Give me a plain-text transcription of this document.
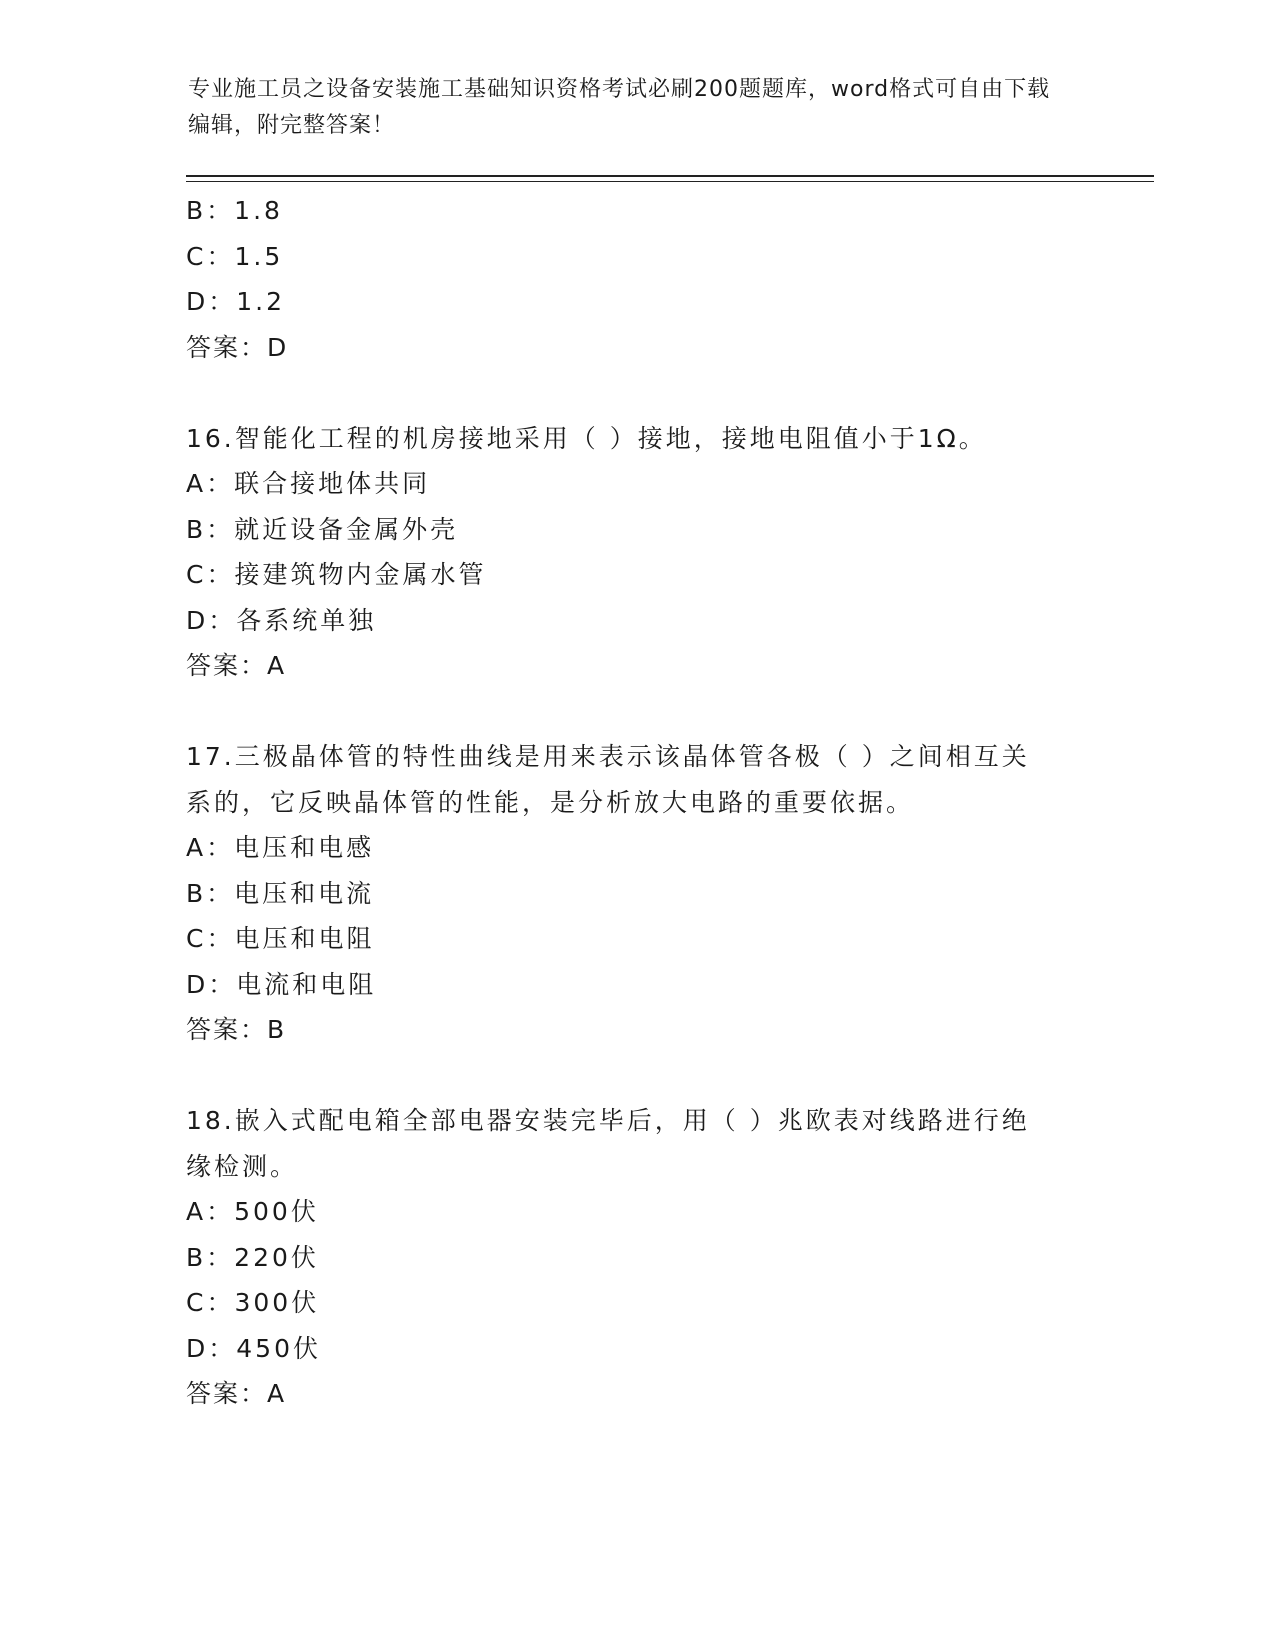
专业施工员之设备安装施工基础知识资格考试必刷200题题库，word格式可自由下载编辑，附完整答案！
B：1.8
C：1.5
D：1.2
答案：D
16.智能化工程的机房接地采用（ ）接地，接地电阻值小于1Ω。
A：联合接地体共同
B：就近设备金属外壳
C：接建筑物内金属水管
D：各系统单独
答案：A
17.三极晶体管的特性曲线是用来表示该晶体管各极（ ）之间相互关系的，它反映晶体管的性能，是分析放大电路的重要依据。
A：电压和电感
B：电压和电流
C：电压和电阻
D：电流和电阻
答案：B
18.嵌入式配电箱全部电器安装完毕后，用（ ）兆欧表对线路进行绝缘检测。
A：500伏
B：220伏
C：300伏
D：450伏
答案：A
